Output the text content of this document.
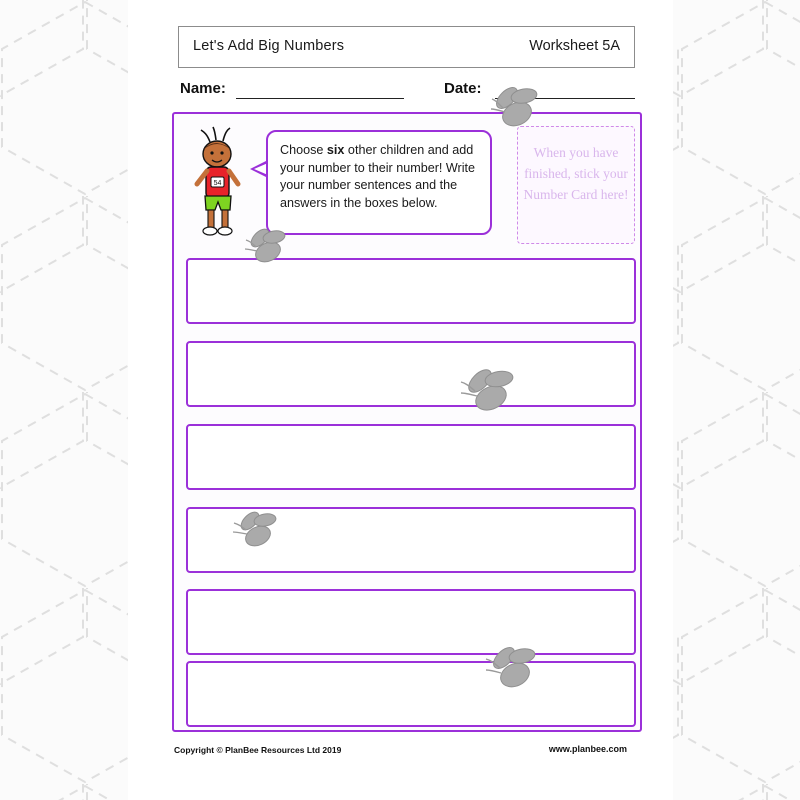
Let's Add Big Numbers	Worksheet 5A
Name:	Date:
54
Choose six other children and add your number to their number! Write your number sentences and the answers in the boxes below.
When you have finished, stick your Number Card here!
Copyright © PlanBee Resources Ltd 2019	www.planbee.com
